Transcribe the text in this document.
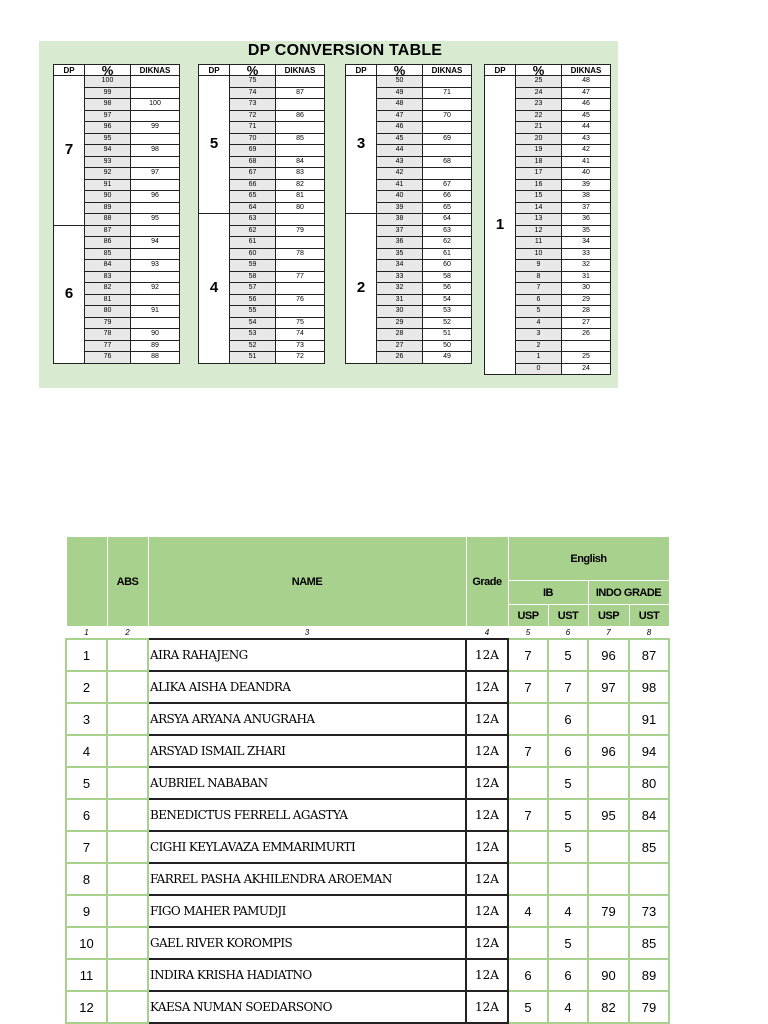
DP CONVERSION TABLE
DP	%	DIKNAS
7	100	
	99	
	98	100
	97	
	96	99
	95	
	94	98
	93	
	92	97
	91	
	90	96
	89	
	88	95
6	87	
	86	94
	85	
	84	93
	83	
	82	92
	81	
	80	91
	79	
	78	90
	77	89
	76	88
DP	%	DIKNAS
5	75	
	74	87
	73	
	72	86
	71	
	70	85
	69	
	68	84
	67	83
	66	82
	65	81
	64	80
4	63	
	62	79
	61	
	60	78
	59	
	58	77
	57	
	56	76
	55	
	54	75
	53	74
	52	73
	51	72
DP	%	DIKNAS
3	50	
	49	71
	48	
	47	70
	46	
	45	69
	44	
	43	68
	42	
	41	67
	40	66
	39	65
2	38	64
	37	63
	36	62
	35	61
	34	60
	33	58
	32	56
	31	54
	30	53
	29	52
	28	51
	27	50
	26	49
DP	%	DIKNAS
1	25	48
	24	47
	23	46
	22	45
	21	44
	20	43
	19	42
	18	41
	17	40
	16	39
	15	38
	14	37
	13	36
	12	35
	11	34
	10	33
	9	32
	8	31
	7	30
	6	29
	5	28
	4	27
	3	26
	2	
	1	25
	0	24
	ABS	NAME	Grade	English			
				IB		INDO GRADE	
				USP	UST	USP	UST
1	2	3	4	5	6	7	8
1		AIRA RAHAJENG	12A	7	5	96	87
2		ALIKA AISHA DEANDRA	12A	7	7	97	98
3		ARSYA ARYANA ANUGRAHA	12A		6		91
4		ARSYAD ISMAIL ZHARI	12A	7	6	96	94
5		AUBRIEL NABABAN	12A		5		80
6		BENEDICTUS FERRELL AGASTYA	12A	7	5	95	84
7		CIGHI KEYLAVAZA EMMARIMURTI	12A		5		85
8		FARREL PASHA AKHILENDRA AROEMAN	12A				
9		FIGO MAHER PAMUDJI	12A	4	4	79	73
10		GAEL RIVER KOROMPIS	12A		5		85
11		INDIRA KRISHA HADIATNO	12A	6	6	90	89
12		KAESA NUMAN SOEDARSONO	12A	5	4	82	79
